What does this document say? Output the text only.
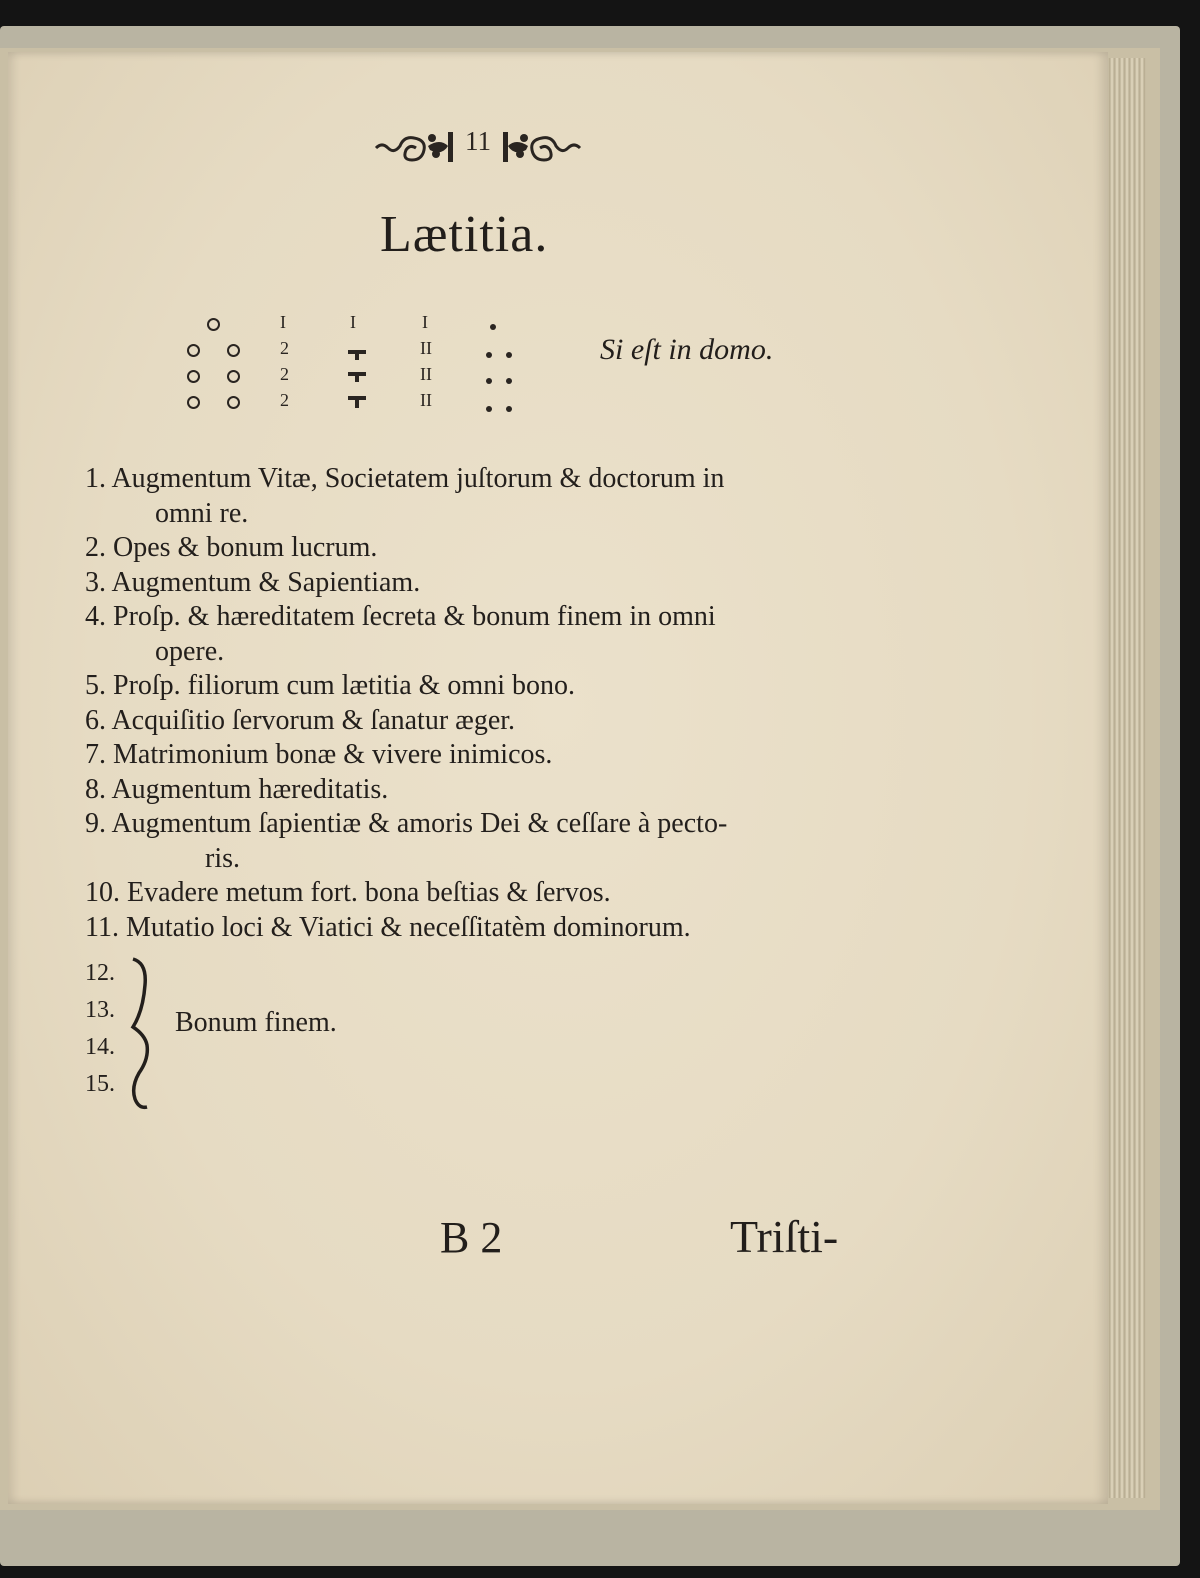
11
Lætitia.
I
2
2
2
I	I
II
II
II
Si eſt in domo.
1. Augmentum Vitæ, Societatem juſtorum & doctorum in
omni re.
2. Opes & bonum lucrum.
3. Augmentum & Sapientiam.
4. Proſp. & hæreditatem ſecreta & bonum finem in omni
opere.
5. Proſp. filiorum cum lætitia & omni bono.
6. Acquiſitio ſervorum & ſanatur æger.
7. Matrimonium bonæ & vivere inimicos.
8. Augmentum hæreditatis.
9. Augmentum ſapientiæ & amoris Dei & ceſſare à pecto-
ris.
10. Evadere metum fort. bona beſtias & ſervos.
11. Mutatio loci & Viatici & neceſſitatèm dominorum.
12.
13.
14.
15.
Bonum finem.
B 2	Triſti-
